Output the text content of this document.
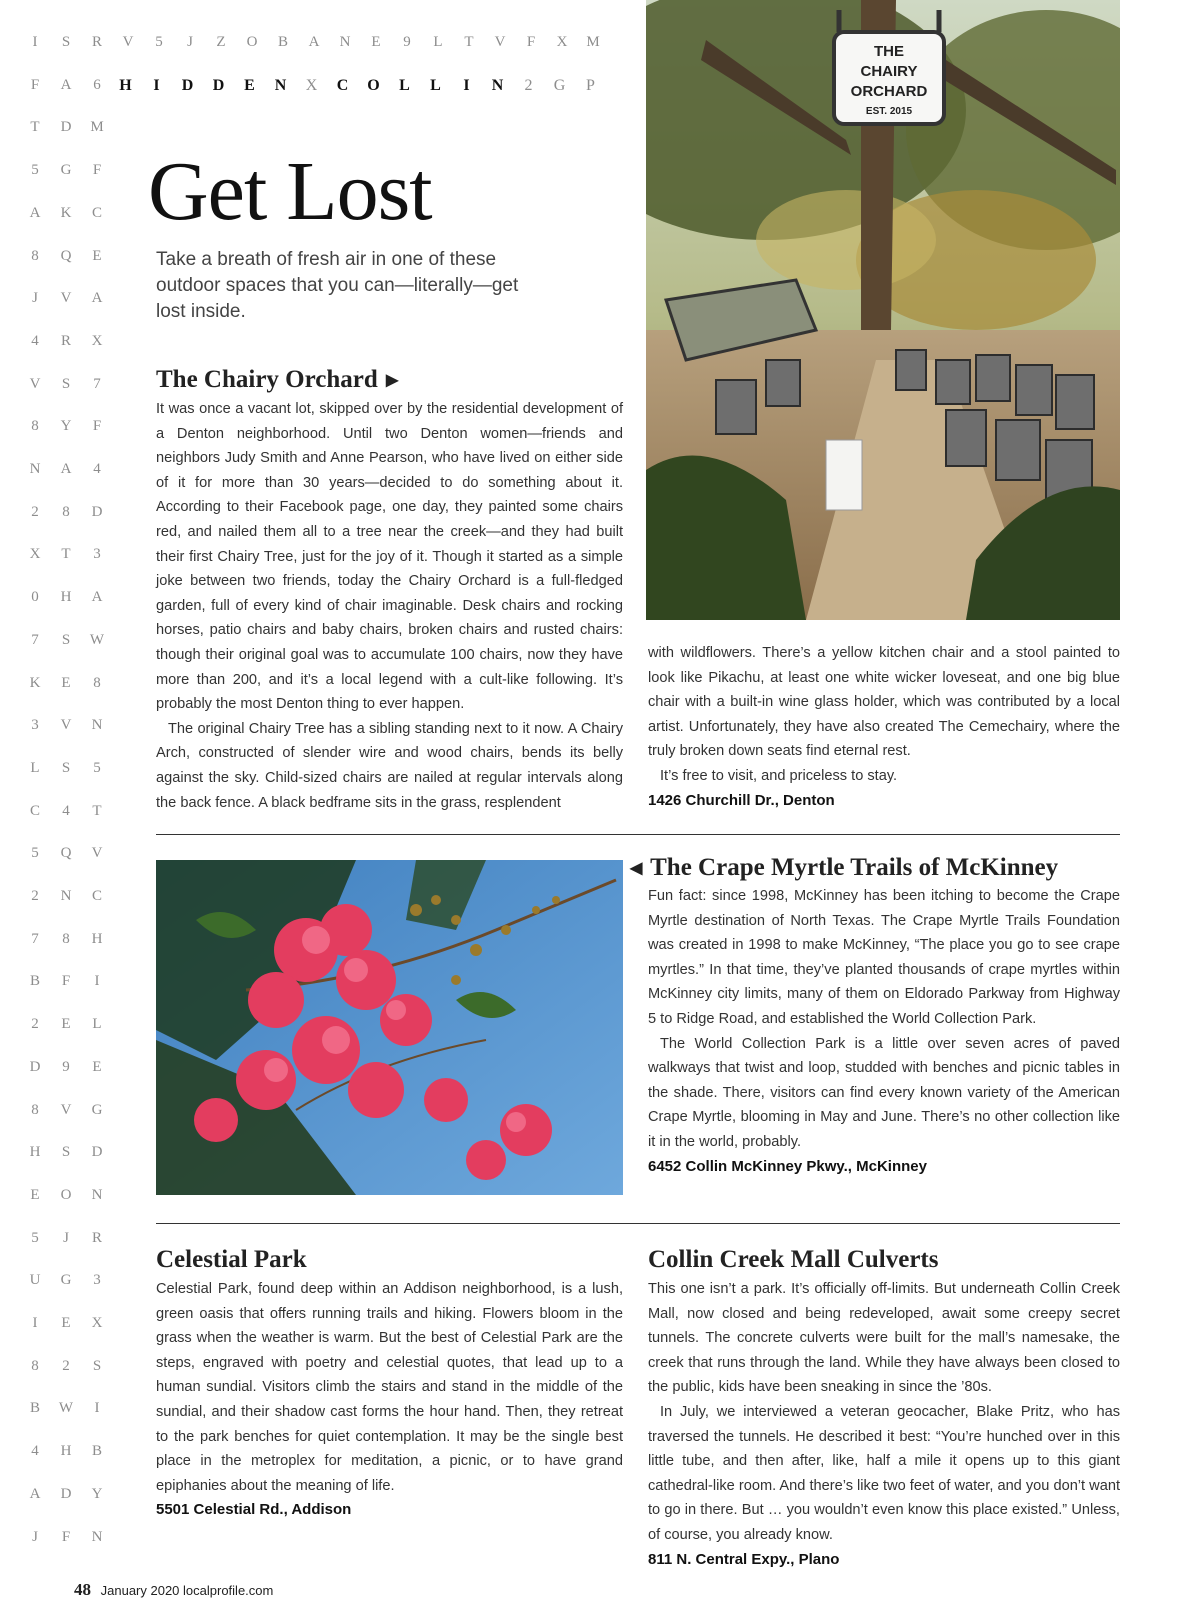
I	S	R	V	5	J	Z	O	B	A	N	E	9	L	T	V	F	X	M
F	A	6	H I D D E N X C O L L I N 2 G P
T	D	M
5	G	F
A	K	C
8	Q	E
J	V	A
4	R	X
V	S	7
8	Y	F
N	A	4
2	8	D
X	T	3
0	H	A
7	S	W
K	E	8
3	V	N
L	S	5
C	4	T
5	Q	V
2	N	C
7	8	H
B	F	I
2	E	L
D	9	E
8	V	G
H	S	D
E	O	N
5	J	R
U	G	3
I	E	X
8	2	S
B	W	I
4	H	B
A	D	Y
J	F	N
Get Lost
Take a breath of fresh air in one of these outdoor spaces that you can—literally—get lost inside.
THE
CHAIRY
ORCHARD
EST. 2015
The Chairy Orchard ▶

It was once a vacant lot, skipped over by the residential development of a Denton neighborhood. Until two Denton women—friends and neighbors Judy Smith and Anne Pearson, who have lived on either side of it for more than 30 years—decided to do something about it. According to their Facebook page, one day, they painted some chairs red, and nailed them all to a tree near the creek—and they had built their first Chairy Tree, just for the joy of it. Though it started as a simple joke between two friends, today the Chairy Orchard is a full-fledged garden, full of every kind of chair imaginable. Desk chairs and rocking horses, patio chairs and baby chairs, broken chairs and rusted chairs: though their original goal was to accumulate 100 chairs, now they have more than 200, and it’s a local legend with a cult-like following. It’s probably the most Denton thing to ever happen.

The original Chairy Tree has a sibling standing next to it now. A Chairy Arch, constructed of slender wire and wood chairs, bends its belly against the sky. Child-sized chairs are nailed at regular intervals along the back fence. A black bedframe sits in the grass, resplendent

with wildflowers. There’s a yellow kitchen chair and a stool painted to look like Pikachu, at least one white wicker loveseat, and one big blue chair with a built-in wine glass holder, which was contributed by a local artist. Unfortunately, they have also created The Cemechairy, where the truly broken down seats find eternal rest.

It’s free to visit, and priceless to stay.

1426 Churchill Dr., Denton

◀ The Crape Myrtle Trails of McKinney

Fun fact: since 1998, McKinney has been itching to become the Crape Myrtle destination of North Texas. The Crape Myrtle Trails Foundation was created in 1998 to make McKinney, “The place you go to see crape myrtles.” In that time, they’ve planted thousands of crape myrtles within McKinney city limits, many of them on Eldorado Parkway from Highway 5 to Ridge Road, and established the World Collection Park.

The World Collection Park is a little over seven acres of paved walkways that twist and loop, studded with benches and picnic tables in the shade. There, visitors can find every known variety of the American Crape Myrtle, blooming in May and June. There’s no other collection like it in the world, probably.

6452 Collin McKinney Pkwy., McKinney

Celestial Park

Celestial Park, found deep within an Addison neighborhood, is a lush, green oasis that offers running trails and hiking. Flowers bloom in the grass when the weather is warm. But the best of Celestial Park are the steps, engraved with poetry and celestial quotes, that lead up to a human sundial. Visitors climb the stairs and stand in the middle of the sundial, and their shadow cast forms the hour hand. Then, they retreat to the park benches for quiet contemplation. It may be the single best place in the metroplex for meditation, a picnic, or to have grand epiphanies about the meaning of life.

5501 Celestial Rd., Addison

Collin Creek Mall Culverts

This one isn’t a park. It’s officially off-limits. But underneath Collin Creek Mall, now closed and being redeveloped, await some creepy secret tunnels. The concrete culverts were built for the mall’s namesake, the creek that runs through the land. While they have always been closed to the public, kids have been sneaking in since the ’80s.

In July, we interviewed a veteran geocacher, Blake Pritz, who has traversed the tunnels. He described it best: “You’re hunched over in this little tube, and then after, like, half a mile it opens up to this giant cathedral-like room. And there’s like two feet of water, and you don’t want to go in there. But … you wouldn’t even know this place existed.” Unless, of course, you already know.

811 N. Central Expy., Plano

48 January 2020 localprofile.com
